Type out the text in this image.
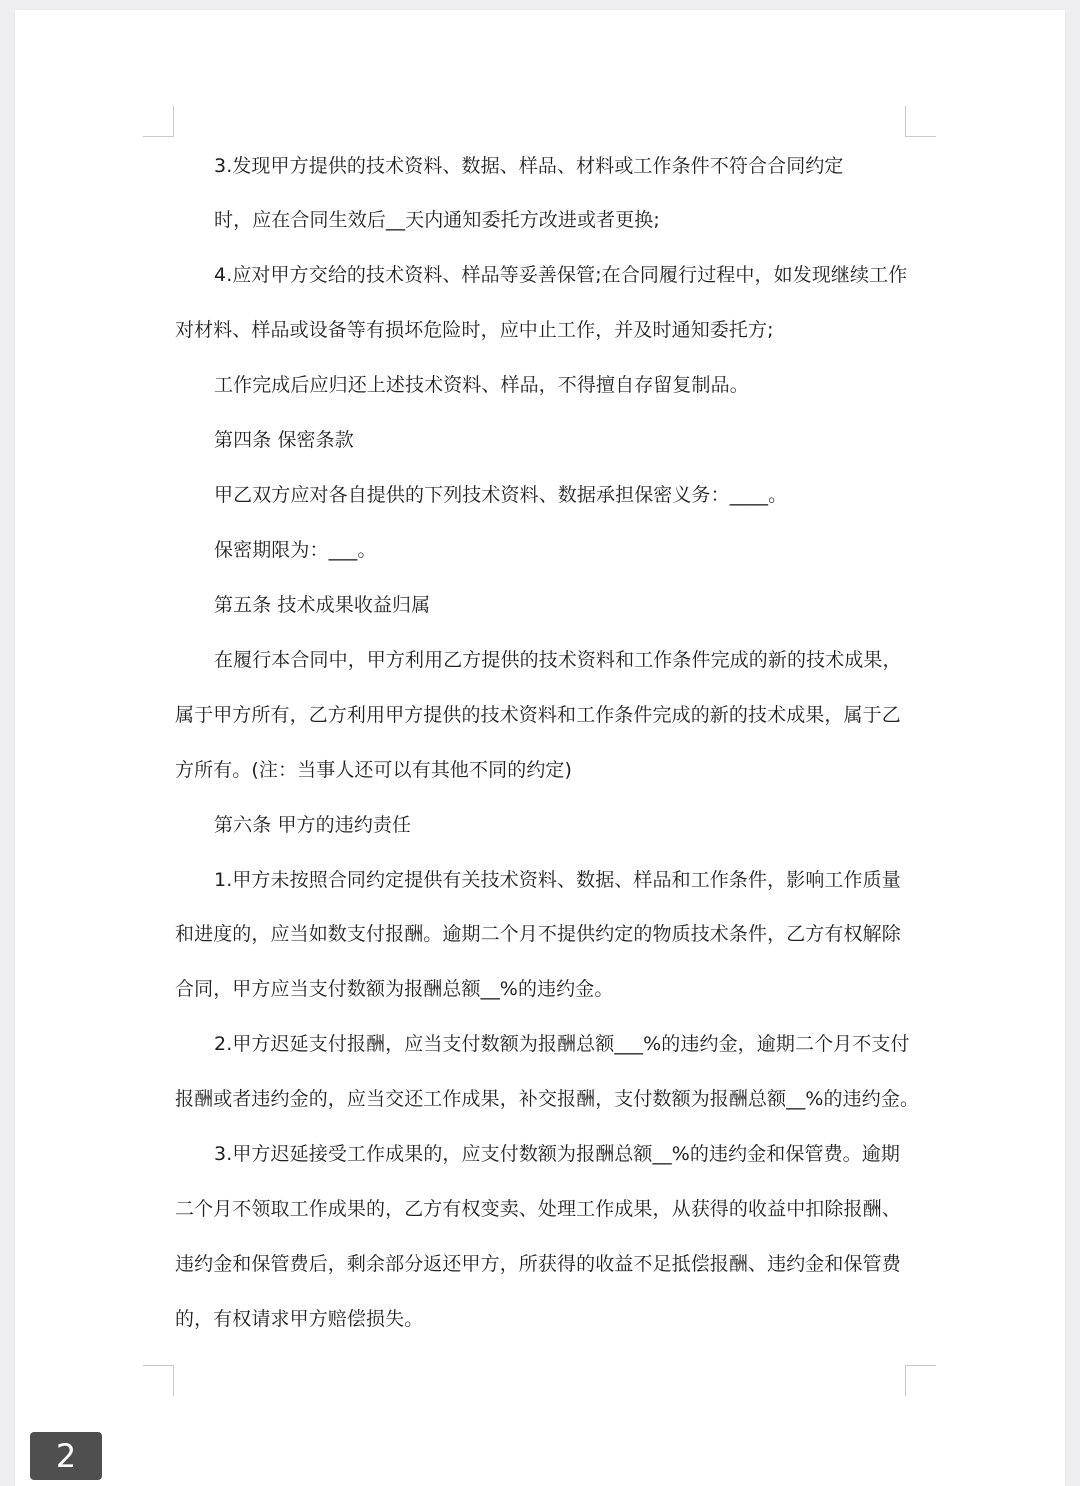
3.发现甲方提供的技术资料、数据、样品、材料或工作条件不符合合同约定
时，应在合同生效后__天内通知委托方改进或者更换;
4.应对甲方交给的技术资料、样品等妥善保管;在合同履行过程中，如发现继续工作
对材料、样品或设备等有损坏危险时，应中止工作，并及时通知委托方;
工作完成后应归还上述技术资料、样品，不得擅自存留复制品。
第四条 保密条款
甲乙双方应对各自提供的下列技术资料、数据承担保密义务：____。
保密期限为：___。
第五条 技术成果收益归属
在履行本合同中，甲方利用乙方提供的技术资料和工作条件完成的新的技术成果，
属于甲方所有，乙方利用甲方提供的技术资料和工作条件完成的新的技术成果，属于乙
方所有。(注：当事人还可以有其他不同的约定)
第六条 甲方的违约责任
1.甲方未按照合同约定提供有关技术资料、数据、样品和工作条件，影响工作质量
和进度的，应当如数支付报酬。逾期二个月不提供约定的物质技术条件，乙方有权解除
合同，甲方应当支付数额为报酬总额__%的违约金。
2.甲方迟延支付报酬，应当支付数额为报酬总额___%的违约金，逾期二个月不支付
报酬或者违约金的，应当交还工作成果，补交报酬，支付数额为报酬总额__%的违约金。
3.甲方迟延接受工作成果的，应支付数额为报酬总额__%的违约金和保管费。逾期
二个月不领取工作成果的，乙方有权变卖、处理工作成果，从获得的收益中扣除报酬、
违约金和保管费后，剩余部分返还甲方，所获得的收益不足抵偿报酬、违约金和保管费
的，有权请求甲方赔偿损失。
2
